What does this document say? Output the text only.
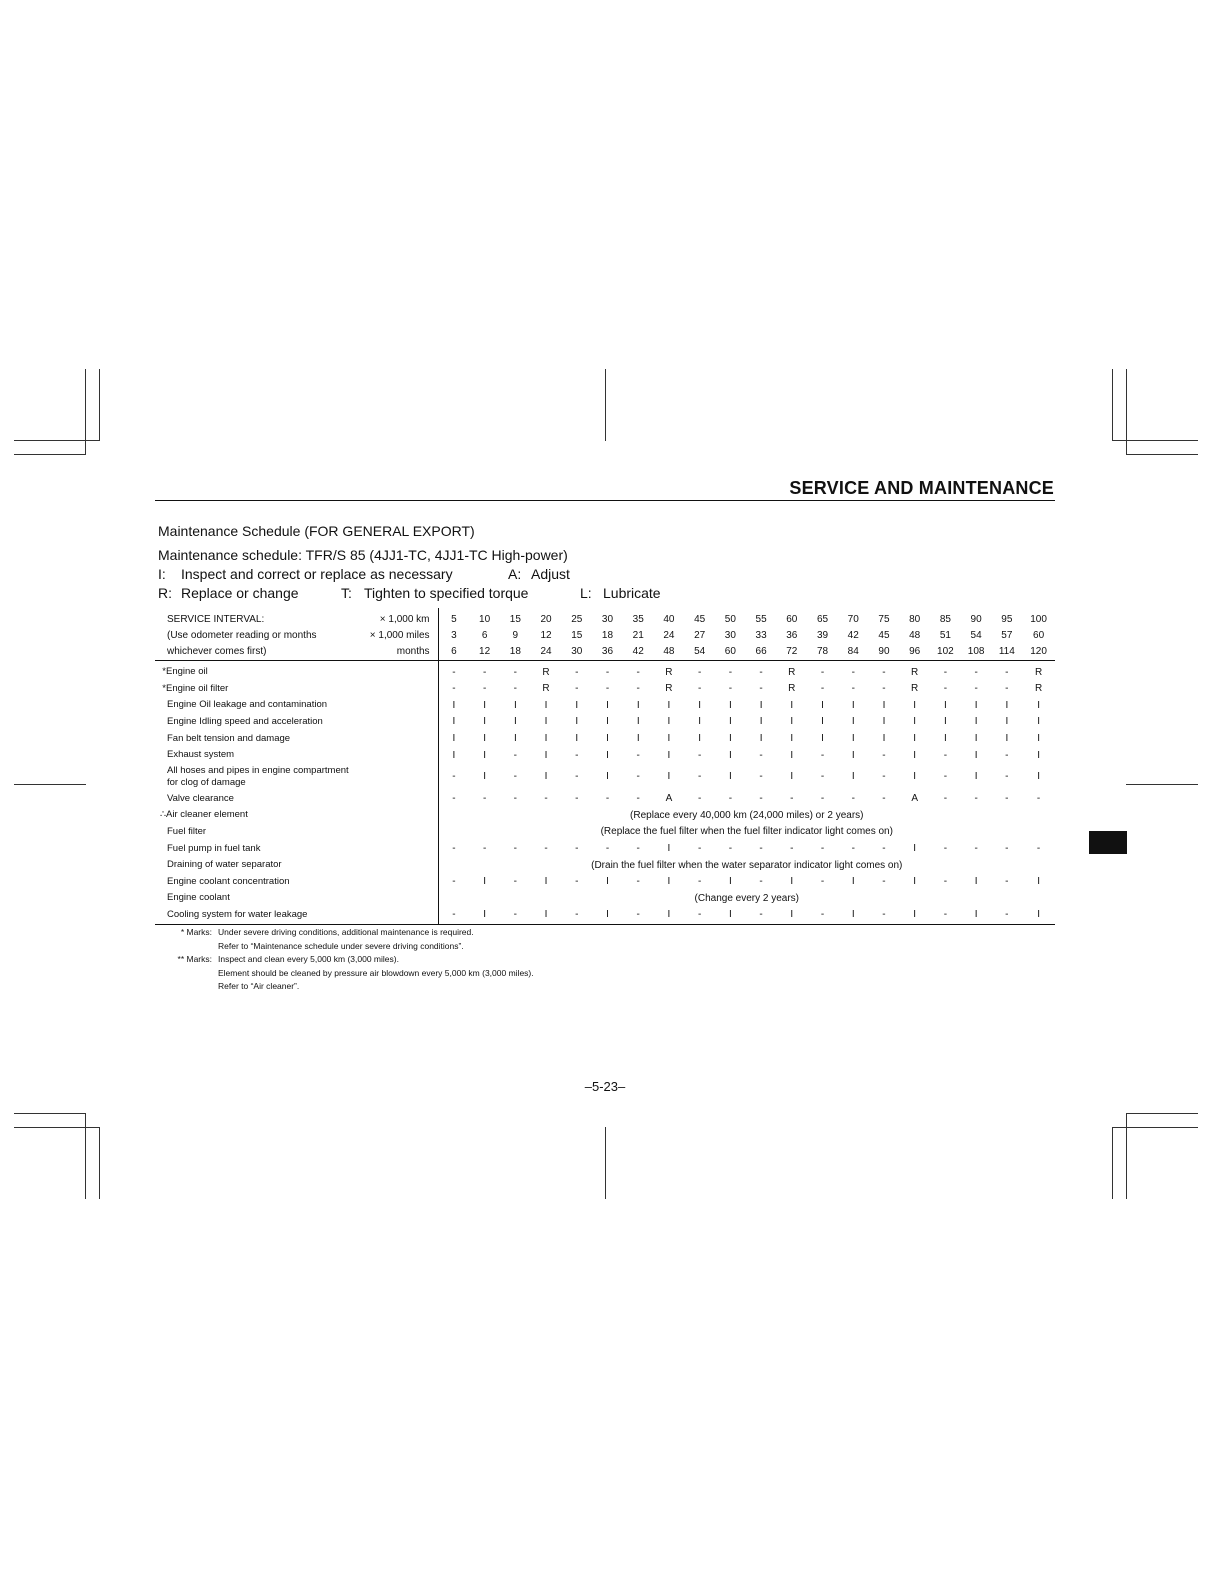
SERVICE AND MAINTENANCE
Maintenance Schedule (FOR GENERAL EXPORT)
Maintenance schedule: TFR/S 85 (4JJ1-TC, 4JJ1-TC High-power)
I: Inspect and correct or replace as necessary	A: Adjust
R: Replace or change	T: Tighten to specified torque	L: Lubricate
SERVICE INTERVAL:	× 1,000 km	5	10	15	20	25	30	35	40	45	50	55	60	65	70	75	80	85	90	95	100
(Use odometer reading or months	× 1,000 miles	3	6	9	12	15	18	21	24	27	30	33	36	39	42	45	48	51	54	57	60
whichever comes first)	months	6	12	18	24	30	36	42	48	54	60	66	72	78	84	90	96	102	108	114	120
*Engine oil		-	-	-	R	-	-	-	R	-	-	-	R	-	-	-	R	-	-	-	R
*Engine oil filter		-	-	-	R	-	-	-	R	-	-	-	R	-	-	-	R	-	-	-	R
Engine Oil leakage and contamination		I	I	I	I	I	I	I	I	I	I	I	I	I	I	I	I	I	I	I	I
Engine Idling speed and acceleration		I	I	I	I	I	I	I	I	I	I	I	I	I	I	I	I	I	I	I	I
Fan belt tension and damage		I	I	I	I	I	I	I	I	I	I	I	I	I	I	I	I	I	I	I	I
Exhaust system		I	I	-	I	-	I	-	I	-	I	-	I	-	I	-	I	-	I	-	I
All hoses and pipes in engine compartment
for clog of damage		-	I	-	I	-	I	-	I	-	I	-	I	-	I	-	I	-	I	-	I
Valve clearance		-	-	-	-	-	-	-	A	-	-	-	-	-	-	-	A	-	-	-	-
∴Air cleaner element		(Replace every 40,000 km (24,000 miles) or 2 years)																			
Fuel filter		(Replace the fuel filter when the fuel filter indicator light comes on)																			
Fuel pump in fuel tank		-	-	-	-	-	-	-	I	-	-	-	-	-	-	-	I	-	-	-	-
Draining of water separator		(Drain the fuel filter when the water separator indicator light comes on)																			
Engine coolant concentration		-	I	-	I	-	I	-	I	-	I	-	I	-	I	-	I	-	I	-	I
Engine coolant		(Change every 2 years)																			
Cooling system for water leakage		-	I	-	I	-	I	-	I	-	I	-	I	-	I	-	I	-	I	-	I
* Marks: Under severe driving conditions, additional maintenance is required.
Refer to “Maintenance schedule under severe driving conditions”.
** Marks: Inspect and clean every 5,000 km (3,000 miles).
Element should be cleaned by pressure air blowdown every 5,000 km (3,000 miles).
Refer to “Air cleaner”.
–5-23–
